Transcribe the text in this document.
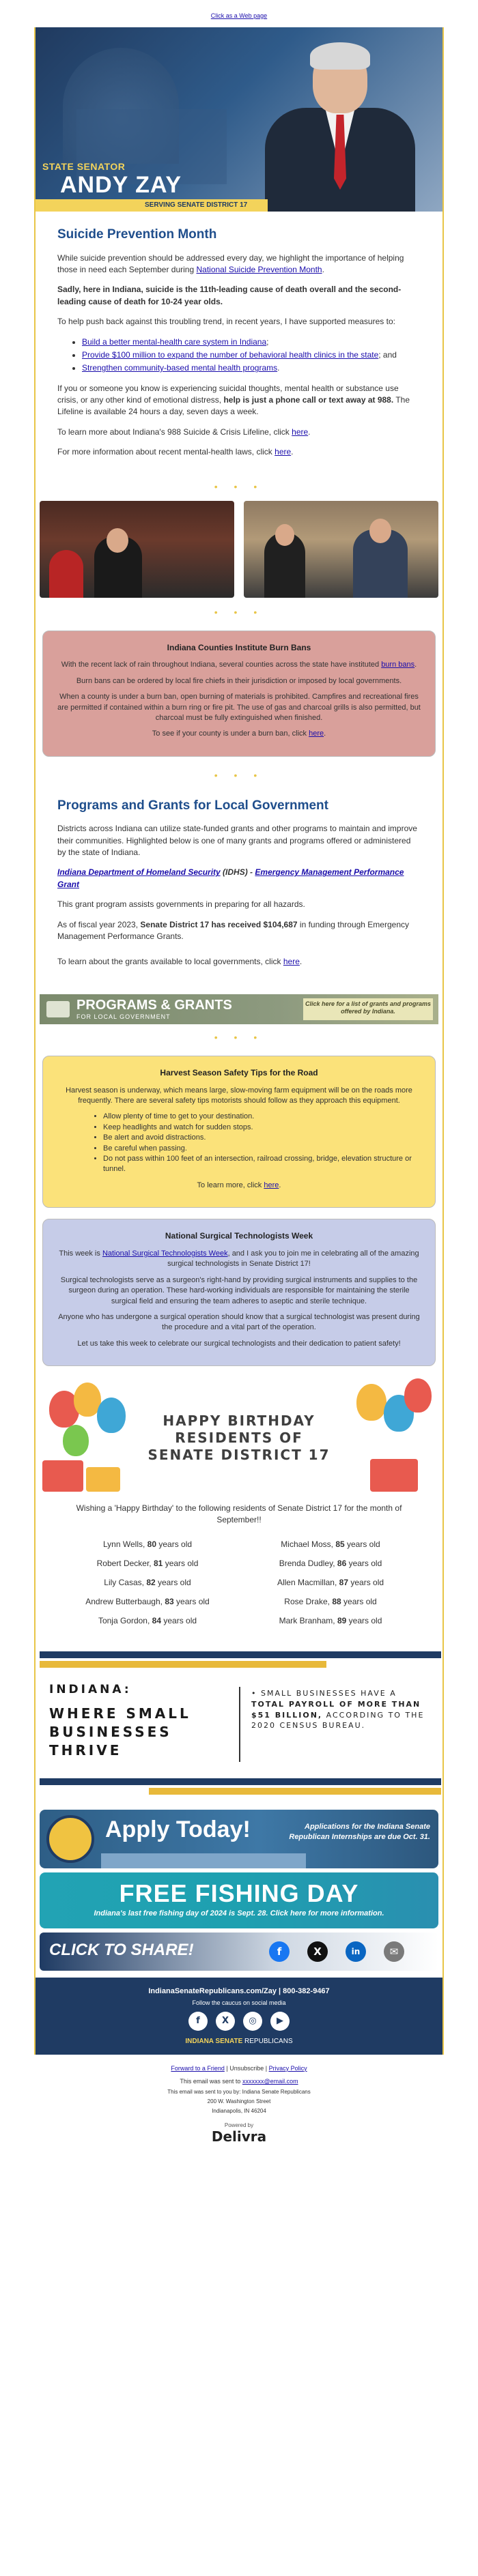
Click as a Web page
STATE SENATOR
ANDY ZAY
SERVING SENATE DISTRICT 17
Suicide Prevention Month

While suicide prevention should be addressed every day, we highlight the importance of helping those in need each September during National Suicide Prevention Month.

Sadly, here in Indiana, suicide is the 11th-leading cause of death overall and the second-leading cause of death for 10-24 year olds.

To help push back against this troubling trend, in recent years, I have supported measures to:

• Build a better mental-health care system in Indiana;
• Provide $100 million to expand the number of behavioral health clinics in the state; and
• Strengthen community-based mental health programs.

If you or someone you know is experiencing suicidal thoughts, mental health or substance use crisis, or any other kind of emotional distress, help is just a phone call or text away at 988. The Lifeline is available 24 hours a day, seven days a week.

To learn more about Indiana's 988 Suicide & Crisis Lifeline, click here.

For more information about recent mental-health laws, click here.

• • •
• • •
Indiana Counties Institute Burn Bans

With the recent lack of rain throughout Indiana, several counties across the state have instituted burn bans.

Burn bans can be ordered by local fire chiefs in their jurisdiction or imposed by local governments.

When a county is under a burn ban, open burning of materials is prohibited. Campfires and recreational fires are permitted if contained within a burn ring or fire pit. The use of gas and charcoal grills is also permitted, but charcoal must be fully extinguished when finished.

To see if your county is under a burn ban, click here.

• • •
Programs and Grants for Local Government

Districts across Indiana can utilize state-funded grants and other programs to maintain and improve their communities. Highlighted below is one of many grants and programs offered or administered by the state of Indiana.

Indiana Department of Homeland Security (IDHS) - Emergency Management Performance Grant

This grant program assists governments in preparing for all hazards.

As of fiscal year 2023, Senate District 17 has received $104,687 in funding through Emergency Management Performance Grants.

To learn about the grants available to local governments, click here.

PROGRAMS & GRANTS
FOR LOCAL GOVERNMENT
Click here for a list of grants and programs offered by Indiana.
• • •
Harvest Season Safety Tips for the Road

Harvest season is underway, which means large, slow-moving farm equipment will be on the roads more frequently. There are several safety tips motorists should follow as they approach this equipment.

• Allow plenty of time to get to your destination.
• Keep headlights and watch for sudden stops.
• Be alert and avoid distractions.
• Be careful when passing.
• Do not pass within 100 feet of an intersection, railroad crossing, bridge, elevation structure or tunnel.

To learn more, click here.

National Surgical Technologists Week

This week is National Surgical Technologists Week, and I ask you to join me in celebrating all of the amazing surgical technologists in Senate District 17!

Surgical technologists serve as a surgeon's right-hand by providing surgical instruments and supplies to the surgeon during an operation. These hard-working individuals are responsible for maintaining the sterile surgical field and ensuring the team adheres to aseptic and sterile technique.

Anyone who has undergone a surgical operation should know that a surgical technologist was present during the procedure and a vital part of the operation.

Let us take this week to celebrate our surgical technologists and their dedication to patient safety!

HAPPY BIRTHDAY
RESIDENTS OF
SENATE DISTRICT 17
Wishing a 'Happy Birthday' to the following residents of Senate District 17 for the month of September!!
Lynn Wells, 80 years old	Michael Moss, 85 years old
Robert Decker, 81 years old	Brenda Dudley, 86 years old
Lily Casas, 82 years old	Allen Macmillan, 87 years old
Andrew Butterbaugh, 83 years old	Rose Drake, 88 years old
Tonja Gordon, 84 years old	Mark Branham, 89 years old
INDIANA:
WHERE SMALL
BUSINESSES
THRIVE
• SMALL BUSINESSES HAVE A TOTAL PAYROLL OF MORE THAN $51 BILLION, ACCORDING TO THE 2020 CENSUS BUREAU.
Apply Today!	Applications for the Indiana Senate Republican Internships are due Oct. 31.
FREE FISHING DAY
Indiana's last free fishing day of 2024 is Sept. 28. Click here for more information.
CLICK TO SHARE!	f	X	in	✉
IndianaSenateRepublicans.com/Zay | 800-382-9467
Follow the caucus on social media
f	X	◎	▶
INDIANA SENATE REPUBLICANS
Forward to a Friend | Unsubscribe | Privacy Policy
This email was sent to xxxxxxx@email.com
This email was sent to you by: Indiana Senate Republicans
200 W. Washington Street
Indianapolis, IN 46204
Powered by
Delivra
